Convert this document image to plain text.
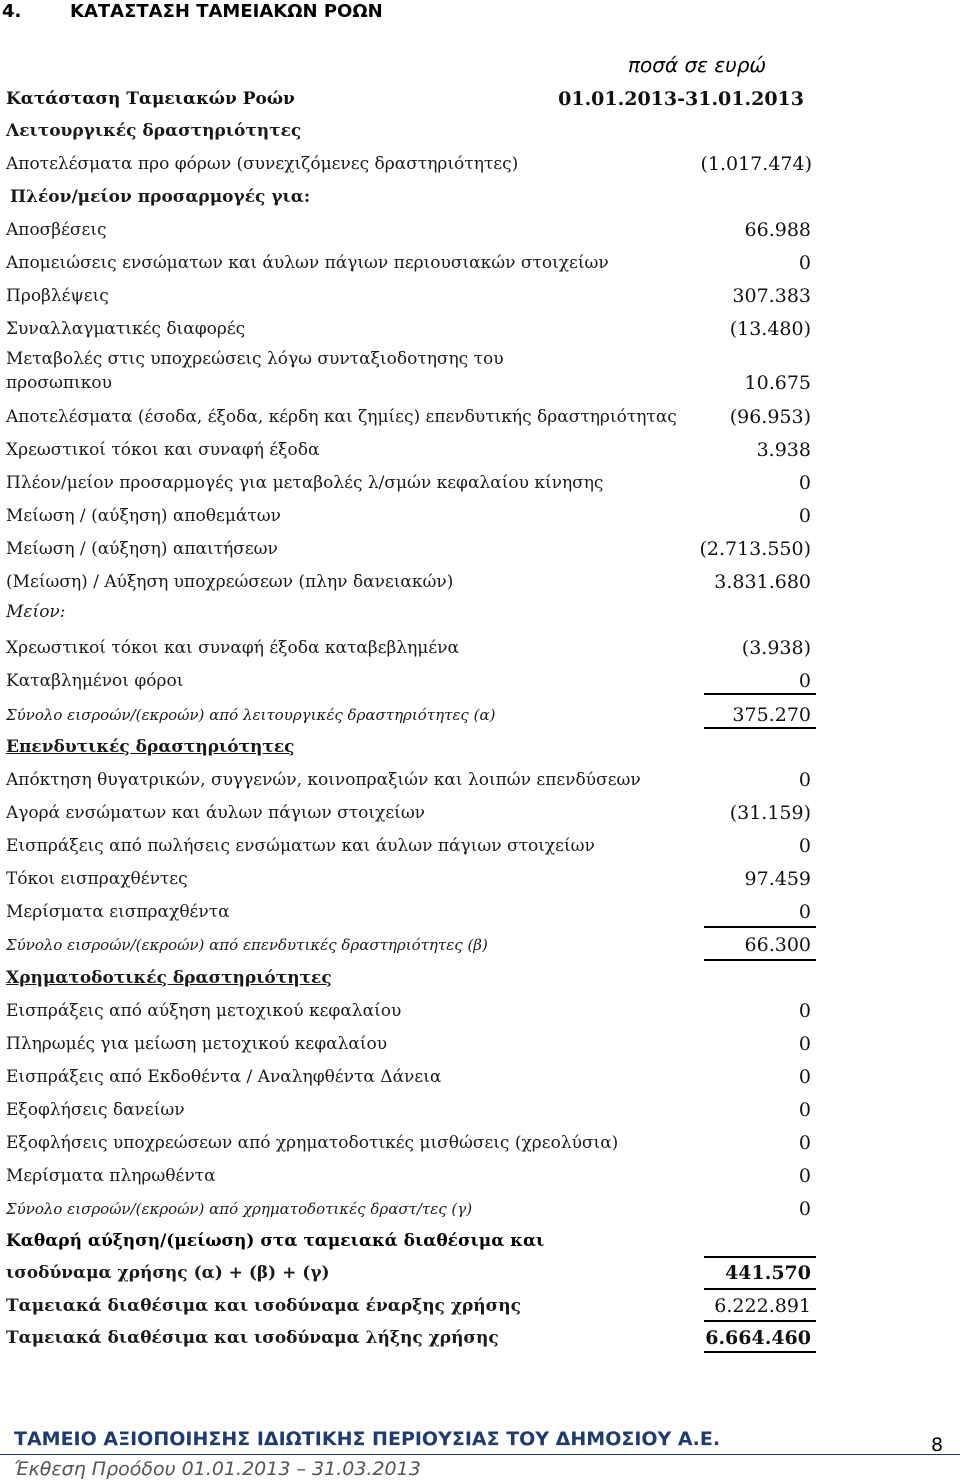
4.	ΚΑΤΑΣΤΑΣΗ ΤΑΜΕΙΑΚΩΝ ΡΟΩΝ
ποσά σε ευρώ
Κατάσταση Ταμειακών Ροών	01.01.2013-31.01.2013
Λειτουργικές δραστηριότητες
Αποτελέσματα προ φόρων (συνεχιζόμενες δραστηριότητες)	(1.017.474)
Πλέον/μείον προσαρμογές για:
Αποσβέσεις	66.988
Απομειώσεις ενσώματων και άυλων πάγιων περιουσιακών στοιχείων	0
Προβλέψεις	307.383
Συναλλαγματικές διαφορές	(13.480)
Μεταβολές στις υποχρεώσεις λόγω συνταξιοδοτησης του
προσωπικου	10.675
Αποτελέσματα (έσοδα, έξοδα, κέρδη και ζημίες) επενδυτικής δραστηριότητας	(96.953)
Χρεωστικοί τόκοι και συναφή έξοδα	3.938
Πλέον/μείον προσαρμογές για μεταβολές λ/σμών κεφαλαίου κίνησης	0
Μείωση / (αύξηση) αποθεμάτων	0
Μείωση / (αύξηση) απαιτήσεων	(2.713.550)
(Μείωση) / Αύξηση υποχρεώσεων (πλην δανειακών)	3.831.680
Μείον:
Χρεωστικοί τόκοι και συναφή έξοδα καταβεβλημένα	(3.938)
Καταβλημένοι φόροι	0
Σύνολο εισροών/(εκροών) από λειτουργικές δραστηριότητες (α)	375.270
Επενδυτικές δραστηριότητες
Απόκτηση θυγατρικών, συγγενών, κοινοπραξιών και λοιπών επενδύσεων	0
Αγορά ενσώματων και άυλων πάγιων στοιχείων	(31.159)
Εισπράξεις από πωλήσεις ενσώματων και άυλων πάγιων στοιχείων	0
Τόκοι εισπραχθέντες	97.459
Μερίσματα εισπραχθέντα	0
Σύνολο εισροών/(εκροών) από επενδυτικές δραστηριότητες (β)	66.300
Χρηματοδοτικές δραστηριότητες
Εισπράξεις από αύξηση μετοχικού κεφαλαίου	0
Πληρωμές για μείωση μετοχικού κεφαλαίου	0
Εισπράξεις από Εκδοθέντα / Αναληφθέντα Δάνεια	0
Εξοφλήσεις δανείων	0
Εξοφλήσεις υποχρεώσεων από χρηματοδοτικές μισθώσεις (χρεολύσια)	0
Μερίσματα πληρωθέντα	0
Σύνολο εισροών/(εκροών) από χρηματοδοτικές δραστ/τες (γ)	0
Καθαρή αύξηση/(μείωση) στα ταμειακά διαθέσιμα και
ισοδύναμα χρήσης (α) + (β) + (γ)	441.570
Ταμειακά διαθέσιμα και ισοδύναμα έναρξης χρήσης	6.222.891
Ταμειακά διαθέσιμα και ισοδύναμα λήξης χρήσης	6.664.460
ΤΑΜΕΙΟ ΑΞΙΟΠΟΙΗΣΗΣ ΙΔΙΩΤΙΚΗΣ ΠΕΡΙΟΥΣΙΑΣ ΤΟΥ ΔΗΜΟΣΙΟΥ Α.Ε.
Έκθεση Προόδου 01.01.2013 – 31.03.2013
8
